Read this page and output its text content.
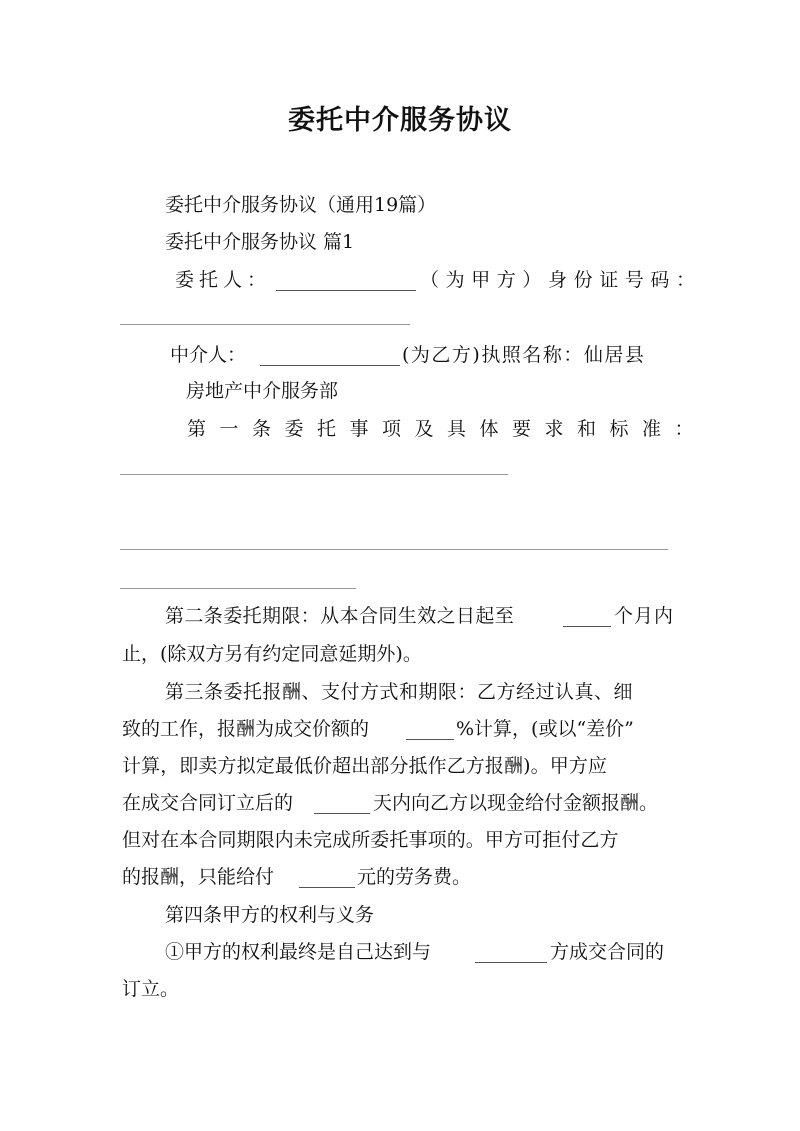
委托中介服务协议
委托中介服务协议（通用19篇）
委托中介服务协议 篇1
委托人：	（为甲方）身份证号码：
中介人：	(为乙方)执照名称：仙居县
房地产中介服务部
第一条委托事项及具体要求和标准：
第二条委托期限：从本合同生效之日起至	个月内
止，(除双方另有约定同意延期外)。
第三条委托报酬、支付方式和期限：乙方经过认真、细
致的工作，报酬为成交价额的	%计算，(或以“差价”
计算，即卖方拟定最低价超出部分抵作乙方报酬)。甲方应
在成交合同订立后的	天内向乙方以现金给付金额报酬。
但对在本合同期限内未完成所委托事项的。甲方可拒付乙方
的报酬，只能给付	元的劳务费。
第四条甲方的权利与义务
①甲方的权利最终是自己达到与	方成交合同的
订立。
